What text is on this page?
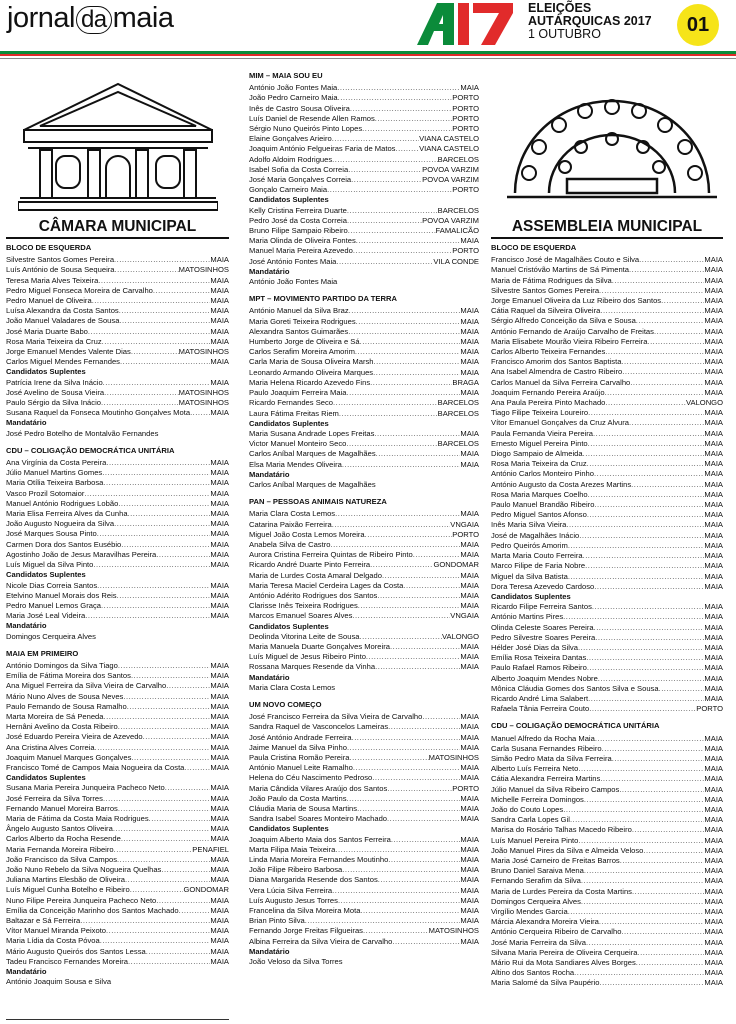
jornal da maia	ELEIÇÕES
AUTÁRQUICAS 2017
1 OUTUBRO	01
CÂMARA MUNICIPAL	ASSEMBLEIA MUNICIPAL
BLOCO DE ESQUERDA
Silvestre Santos Gomes Pereira .....	MAIA
Luís António de Sousa Sequeira .....	MATOSINHOS
Teresa Maria Alves Teixeira .....	MAIA
Pedro Miguel Fonseca Moreira de Carvalho .....	MAIA
Pedro Manuel de Oliveira .....	MAIA
Luísa Alexandra da Costa Santos .....	MAIA
João Manuel Valadares de Sousa .....	MAIA
José Maria Duarte Babo .....	MAIA
Rosa Maria Teixeira da Cruz .....	MAIA
Jorge Emanuel Mendes Valente Dias .....	MATOSINHOS
Carlos Miguel Mendes Fernandes .....	MAIA
Candidatos Suplentes
Patrícia Irene da Silva Inácio .....	MAIA
José Avelino de Sousa Vieira .....	MATOSINHOS
Paulo Sérgio da Silva Inácio .....	MATOSINHOS
Susana Raquel da Fonseca Moutinho Gonçalves Mota .....	MAIA
Mandatário
José Pedro Botelho de Montalvão Fernandes
CDU – COLIGAÇÃO DEMOCRÁTICA UNITÁRIA
Ana Virgínia da Costa Pereira .....	MAIA
Júlio Manuel Martins Gomes .....	MAIA
Maria Otília Teixeira Barbosa .....	MAIA
Vasco Prozil Sotomaior .....	MAIA
Manuel António Rodrigues Lobão .....	MAIA
Maria Elisa Ferreira Alves da Cunha .....	MAIA
João Augusto Nogueira da Silva .....	MAIA
José Marques Sousa Pinto .....	MAIA
Carmen Dora dos Santos Eusébio .....	MAIA
Agostinho João de Jesus Maravilhas Pereira .....	MAIA
Luís Miguel da Silva Pinto .....	MAIA
Candidatos Suplentes
Nicole Dias Correia Santos .....	MAIA
Etelvino Manuel Morais dos Reis .....	MAIA
Pedro Manuel Lemos Graça .....	MAIA
Maria José Leal Videira .....	MAIA
Mandatário
Domingos Cerqueira Alves
MAIA EM PRIMEIRO
António Domingos da Silva Tiago .....	MAIA
Emília de Fátima Moreira dos Santos .....	MAIA
Ana Miguel Ferreira da Silva Vieira de Carvalho .....	MAIA
Mário Nuno Alves de Sousa Neves .....	MAIA
Paulo Fernando de Sousa Ramalho .....	MAIA
Marta Moreira de Sá Peneda .....	MAIA
Hernâni Avelino da Costa Ribeiro .....	MAIA
José Eduardo Pereira Vieira de Azevedo .....	MAIA
Ana Cristina Alves Correia .....	MAIA
Joaquim Manuel Marques Gonçalves .....	MAIA
Francisco Tomé de Campos Maia Nogueira da Costa .....	MAIA
Candidatos Suplentes
Susana Maria Pereira Junqueira Pacheco Neto .....	MAIA
José Ferreira da Silva Torres .....	MAIA
Fernando Manuel Moreira Barros .....	MAIA
Maria de Fátima da Costa Maia Rodrigues .....	MAIA
Ângelo Augusto Santos Oliveira .....	MAIA
Carlos Alberto da Rocha Resende .....	MAIA
Maria Fernanda Moreira Ribeiro .....	PENAFIEL
João Francisco da Silva Campos .....	MAIA
João Nuno Rebelo da Silva Nogueira Quelhas .....	MAIA
Juliana Martins Elesbão de Oliveira .....	MAIA
Luís Miguel Cunha Botelho e Ribeiro .....	GONDOMAR
Nuno Filipe Pereira Junqueira Pacheco Neto .....	MAIA
Emília da Conceição Marinho dos Santos Machado .....	MAIA
Baltazar e Sá Ferreira .....	MAIA
Vítor Manuel Miranda Peixoto .....	MAIA
Maria Lídia da Costa Póvoa .....	MAIA
Mário Augusto Queirós dos Santos Lessa .....	MAIA
Tadeu Francisco Fernandes Moreira .....	MAIA
Mandatário
António Joaquim Sousa e Silva
MIM – MAIA SOU EU
António João Fontes Maia .....	MAIA
João Pedro Carneiro Maia .....	PORTO
Inês de Castro Sousa Oliveira .....	PORTO
Luís Daniel de Resende Allen Ramos .....	PORTO
Sérgio Nuno Queirós Pinto Lopes .....	PORTO
Elaine Gonçalves Arieiro .....	VIANA CASTELO
Joaquim António Felgueiras Faria de Matos .....	VIANA CASTELO
Adolfo Aldoim Rodrigues .....	BARCELOS
Isabel Sofia da Costa Correia .....	POVOA VARZIM
José Maria Gonçalves Correia .....	POVOA VARZIM
Gonçalo Carneiro Maia .....	PORTO
Candidatos Suplentes
Kelly Cristina Ferreira Duarte .....	BARCELOS
Pedro José da Costa Correia .....	POVOA VARZIM
Bruno Filipe Sampaio Ribeiro .....	FAMALICÃO
Maria Olinda de Oliveira Fontes .....	MAIA
Manuel Maria Pereira Azevedo .....	PORTO
José António Fontes Maia .....	VILA CONDE
Mandatário
António João Fontes Maia
MPT – MOVIMENTO PARTIDO DA TERRA
António Manuel da Silva Braz .....	MAIA
Maria Goreti Teixeira Rodrigues .....	MAIA
Alexandra Santos Guimarães .....	MAIA
Humberto Jorge de Oliveira e Sá .....	MAIA
Carlos Serafim Moreira Amorim .....	MAIA
Carla Maria de Sousa Oliveira Marsh .....	MAIA
Leonardo Armando Oliveira Marques .....	MAIA
Maria Helena Ricardo Azevedo Fins .....	BRAGA
Paulo Joaquim Ferreira Maia .....	MAIA
Ricardo Fernandes Seco .....	BARCELOS
Laura Fátima Freitas Riem .....	BARCELOS
Candidatos Suplentes
Maria Susana Andrade Lopes Freitas .....	MAIA
Victor Manuel Monteiro Seco .....	BARCELOS
Carlos Aníbal Marques de Magalhães .....	MAIA
Elsa Maria Mendes Oliveira .....	MAIA
Mandatário
Carlos Aníbal Marques de Magalhães
PAN – PESSOAS ANIMAIS NATUREZA
Maria Clara Costa Lemos .....	MAIA
Catarina Paixão Ferreira .....	VNGAIA
Miguel João Costa Lemos Moreira .....	PORTO
Anabela Silva de Castro .....	MAIA
Aurora Cristina Ferreira Quintas de Ribeiro Pinto .....	MAIA
Ricardo André Duarte Pinto Ferreira .....	GONDOMAR
Maria de Lurdes Costa Amaral Delgado .....	MAIA
Maria Teresa Maciel Cerdeira Lages da Costa .....	MAIA
António Adérito Rodrigues dos Santos .....	MAIA
Clarisse Inês Teixeira Rodrigues .....	MAIA
Marcos Emanuel Soares Alves .....	VNGAIA
Candidatos Suplentes
Deolinda Vitorina Leite de Sousa .....	VALONGO
Maria Manuela Duarte Gonçalves Moreira .....	MAIA
Luís Miguel de Jesus Ribeiro Pinto .....	MAIA
Rossana Marques Resende da Vinha .....	MAIA
Mandatário
Maria Clara Costa Lemos
UM NOVO COMEÇO
José Francisco Ferreira da Silva Vieira de Carvalho .....	MAIA
Sandra Raquel de Vasconcelos Lameiras .....	MAIA
José António Andrade Ferreira .....	MAIA
Jaime Manuel da Silva Pinho .....	MAIA
Paula Cristina Romão Pereira .....	MATOSINHOS
António Manuel Leite Ramalho .....	MAIA
Helena do Céu Nascimento Pedroso .....	MAIA
Maria Cândida Vilares Araújo dos Santos .....	PORTO
João Paulo da Costa Martins .....	MAIA
Cláudia Maria de Sousa Martins .....	MAIA
Sandra Isabel Soares Monteiro Machado .....	MAIA
Candidatos Suplentes
Joaquim Alberto Maia dos Santos Ferreira .....	MAIA
Marta Filipa Maia Teixeira .....	MAIA
Linda Maria Moreira Fernandes Moutinho .....	MAIA
João Filipe Ribeiro Barbosa .....	MAIA
Diana Margarida Resende dos Santos .....	MAIA
Vera Lúcia Silva Ferreira .....	MAIA
Luís Augusto Jesus Torres .....	MAIA
Francelina da Silva Moreira Mota .....	MAIA
Brian Pinto Silva .....	MAIA
Fernando Jorge Freitas Filgueiras .....	MATOSINHOS
Albina Ferreira da Silva Vieira de Carvalho .....	MAIA
Mandatário
João Veloso da Silva Torres
BLOCO DE ESQUERDA
Francisco José de Magalhães Couto e Silva .....	MAIA
Manuel Cristóvão Martins de Sá Pimenta .....	MAIA
Maria de Fátima Rodrigues da Silva .....	MAIA
Silvestre Santos Gomes Pereira .....	MAIA
Jorge Emanuel Oliveira da Luz Ribeiro dos Santos .....	MAIA
Cátia Raquel da Silveira Oliveira .....	MAIA
Sérgio Alfredo Conceição da Silva e Sousa .....	MAIA
António Fernando de Araújo Carvalho de Freitas .....	MAIA
Maria Elisabete Mourão Vieira Ribeiro Ferreira .....	MAIA
Carlos Alberto Teixeira Fernandes .....	MAIA
Francisco Amorim dos Santos Baptista .....	MAIA
Ana Isabel Almendra de Castro Ribeiro .....	MAIA
Carlos Manuel da Silva Ferreira Carvalho .....	MAIA
Joaquim Fernando Pereira Araújo .....	MAIA
Ana Paula Pereira Pinto Machado .....	VALONGO
Tiago Filipe Teixeira Loureiro .....	MAIA
Vítor Emanuel Gonçalves da Cruz Alvura .....	MAIA
Paula Fernanda Vieira Pereira .....	MAIA
Ernesto Miguel Pereira Pinto .....	MAIA
Diogo Sampaio de Almeida .....	MAIA
Rosa Maria Teixeira da Cruz .....	MAIA
António Carlos Monteiro Pinho .....	MAIA
António Augusto da Costa Arezes Martins .....	MAIA
Rosa Maria Marques Coelho .....	MAIA
Paulo Manuel Brandão Ribeiro .....	MAIA
Pedro Miguel Santos Afonso .....	MAIA
Inês Maria Silva Vieira .....	MAIA
José de Magalhães Inácio .....	MAIA
Pedro Queirós Amorim .....	MAIA
Marta Maria Couto Ferreira .....	MAIA
Marco Filipe de Faria Nobre .....	MAIA
Miguel da Silva Batista .....	MAIA
Dora Teresa Azevedo Cardoso .....	MAIA
Candidatos Suplentes
Ricardo Filipe Ferreira Santos .....	MAIA
António Martins Pires .....	MAIA
Olinda Celeste Soares Pereira .....	MAIA
Pedro Silvestre Soares Pereira .....	MAIA
Hélder José Dias da Silva .....	MAIA
Emília Rosa Teixeira Dantas .....	MAIA
Paulo Rafael Ramos Ribeiro .....	MAIA
Alberto Joaquim Mendes Nobre .....	MAIA
Mônica Cláudia Gomes dos Santos Silva e Sousa .....	MAIA
Ricardo André Lima Salabert .....	MAIA
Rafaela Tânia Ferreira Couto .....	PORTO
CDU – COLIGAÇÃO DEMOCRÁTICA UNITÁRIA
Manuel Alfredo da Rocha Maia .....	MAIA
Carla Susana Fernandes Ribeiro .....	MAIA
Simão Pedro Mata da Silva Ferreira .....	MAIA
Alberto Luís Ferreira Neto .....	MAIA
Cátia Alexandra Ferreira Martins .....	MAIA
Júlio Manuel da Silva Ribeiro Campos .....	MAIA
Michelle Ferreira Domingos .....	MAIA
João do Couto Lopes .....	MAIA
Sandra Carla Lopes Gil .....	MAIA
Marisa do Rosário Talhas Macedo Ribeiro .....	MAIA
Luís Manuel Pereira Pinto .....	MAIA
João Manuel Pires da Silva e Almeida Veloso .....	MAIA
Maria José Carneiro de Freitas Barros .....	MAIA
Bruno Daniel Saraiva Mena .....	MAIA
Fernando Serafim da Silva .....	MAIA
Maria de Lurdes Pereira da Costa Martins .....	MAIA
Domingos Cerqueira Alves .....	MAIA
Virgílio Mendes Garcia .....	MAIA
Márcia Alexandra Moreira Vieira .....	MAIA
António Cerqueira Ribeiro de Carvalho .....	MAIA
José Maria Ferreira da Silva .....	MAIA
Silvana Maria Pereira de Oliveira Cerqueira .....	MAIA
Mário Rui da Mota Sandiares Alves Borges .....	MAIA
Altino dos Santos Rocha .....	MAIA
Maria Salomé da Silva Paupério .....	MAIA
